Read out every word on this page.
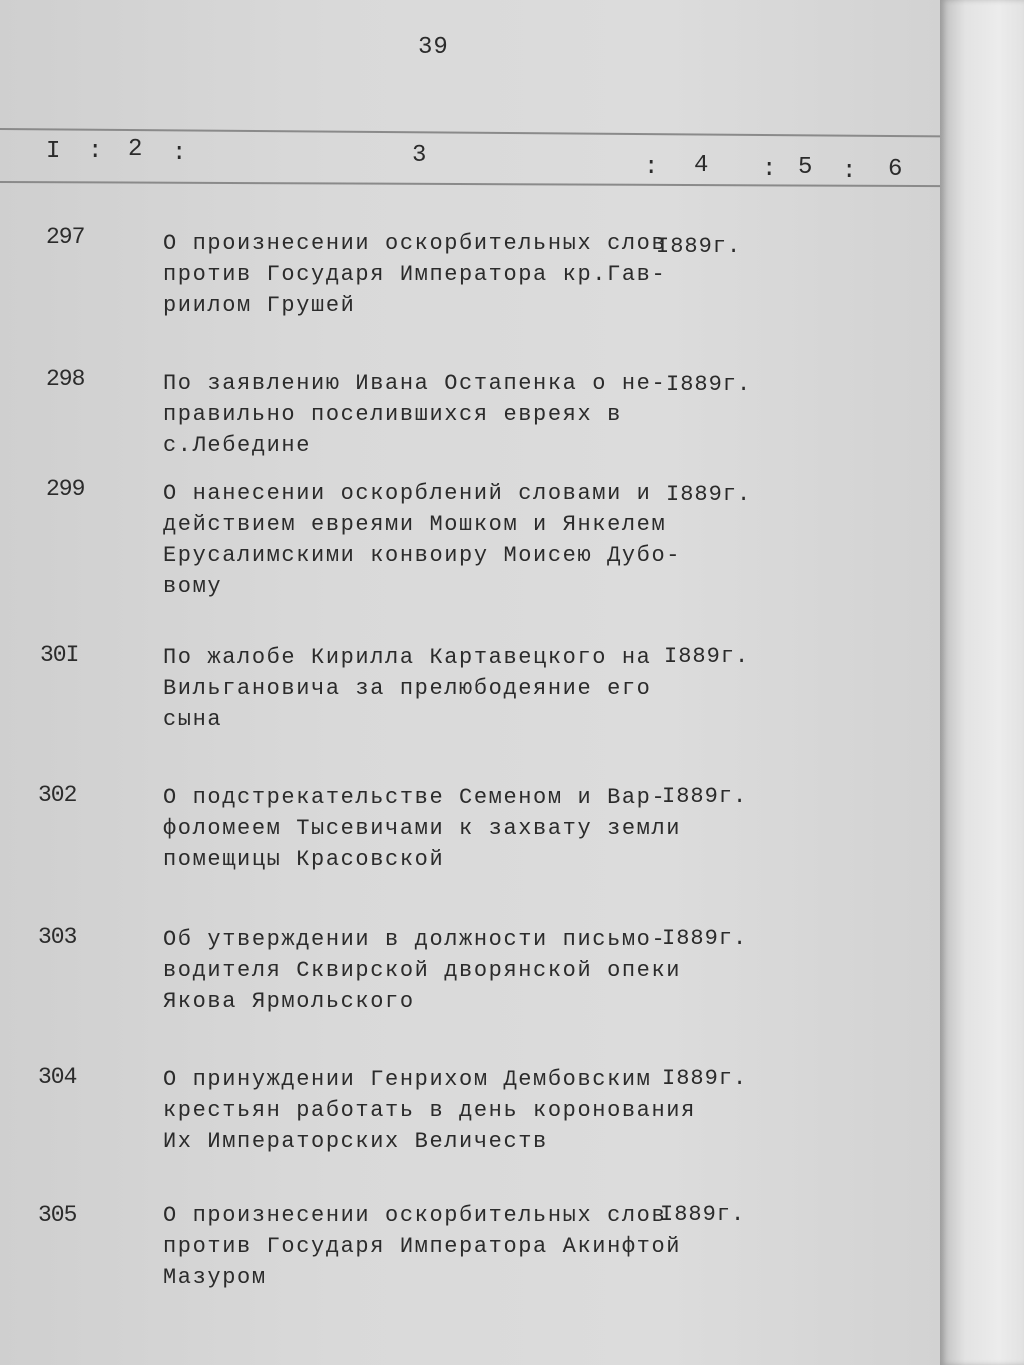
39
I : 2 :	3	: 4 : 5 : 6
297	О произнесении оскорбительных слов
против Государя Императора кр.Гав-
риилом Грушей
I889г.
298	По заявлению Ивана Остапенка о не-
правильно поселившихся евреях в с.Лебедине
I889г.
299	О нанесении оскорблений словами и
действием евреями Мошком и Янкелем
Ерусалимскими конвоиру Моисею Дубо-
вому
I889г.
30I	По жалобе Кирилла Картавецкого на
Вильгановича за прелюбодеяние его
сына
I889г.
302	О подстрекательстве Семеном и Вар-
фоломеем Тысевичами к захвату земли
помещицы Красовской
I889г.
303	Об утверждении в должности письмо-
водителя Сквирской дворянской опеки
Якова Ярмольского
I889г.
304	О принуждении Генрихом Дембовским
крестьян работать в день коронования
Их Императорских Величеств
I889г.
305	О произнесении оскорбительных слов
против Государя Императора Акинфтой
Мазуром
I889г.
